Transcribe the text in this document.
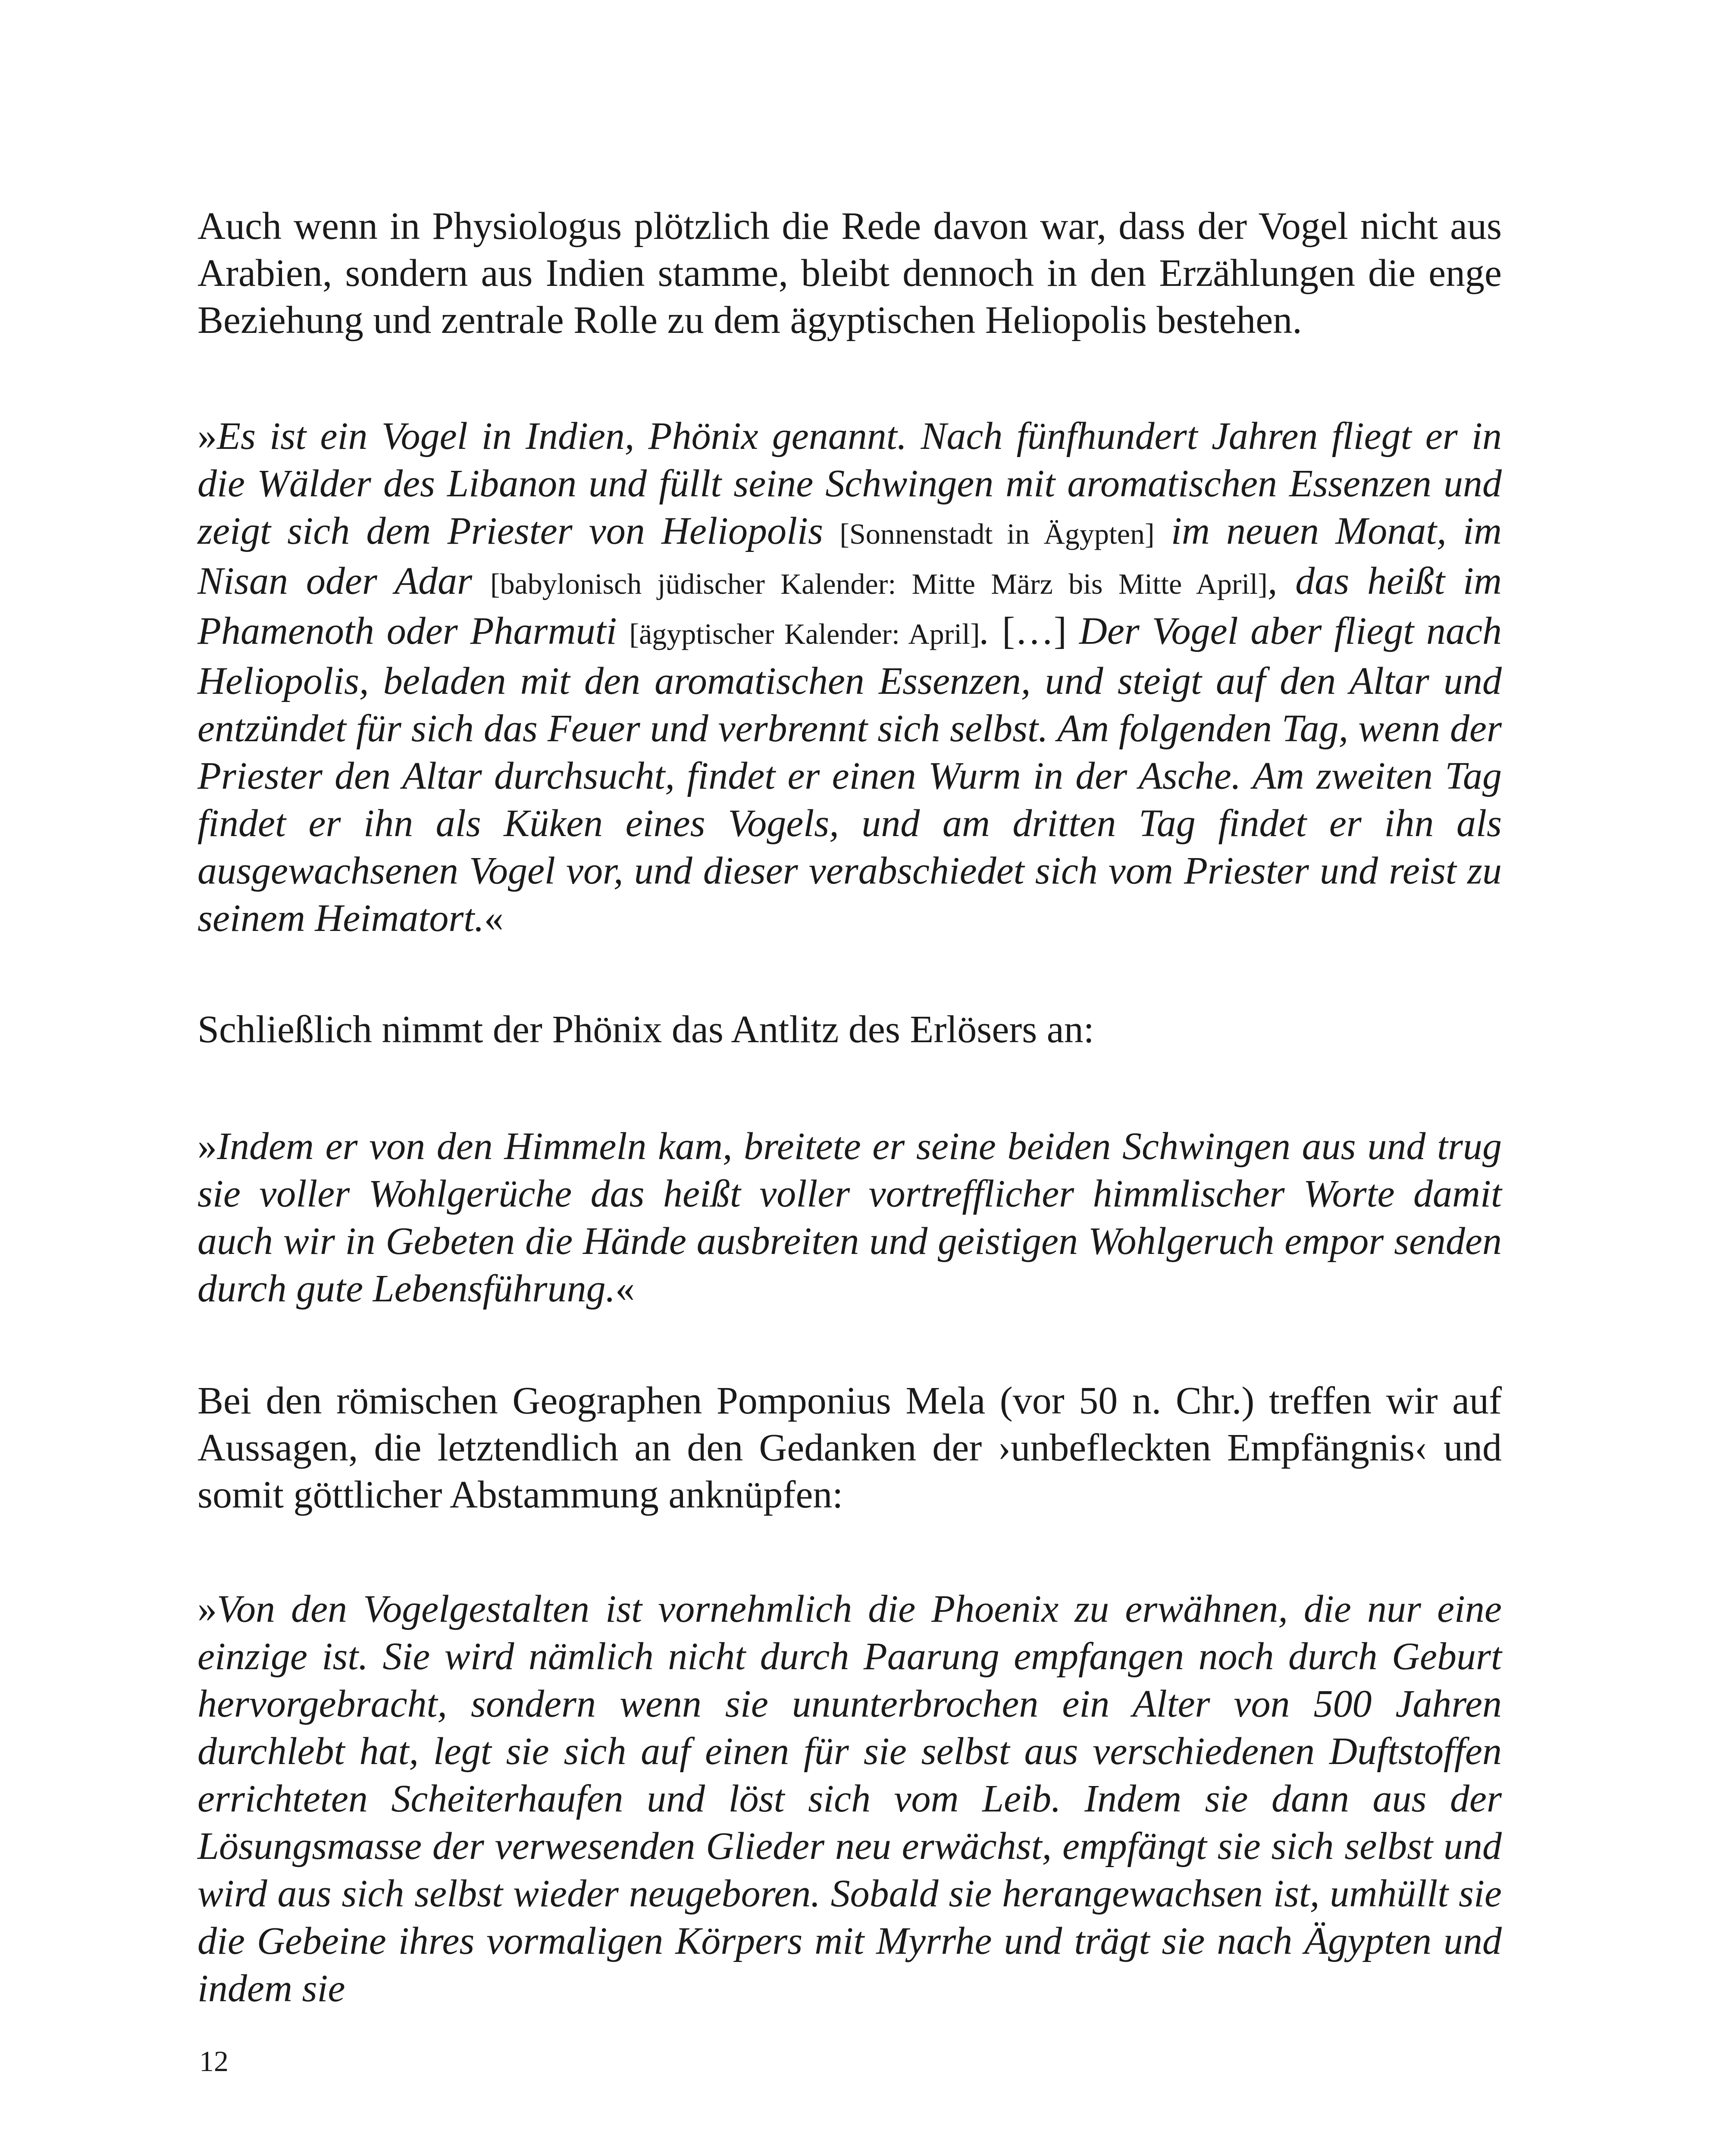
Auch wenn in Physiologus plötzlich die Rede davon war, dass der Vogel nicht aus Arabien, sondern aus Indien stamme, bleibt dennoch in den Erzählungen die enge Beziehung und zentrale Rolle zu dem ägyptischen Heliopolis bestehen.

»Es ist ein Vogel in Indien, Phönix genannt. Nach fünfhundert Jahren fliegt er in die Wälder des Libanon und füllt seine Schwingen mit aromatischen Essenzen und zeigt sich dem Priester von Heliopolis [Sonnenstadt in Ägypten] im neuen Monat, im Nisan oder Adar [babylonisch jüdischer Kalender: Mitte März bis Mitte April], das heißt im Phamenoth oder Pharmuti [ägyptischer Kalender: April]. […] Der Vogel aber fliegt nach Heliopolis, beladen mit den aromatischen Essenzen, und steigt auf den Altar und entzündet für sich das Feuer und verbrennt sich selbst. Am folgenden Tag, wenn der Priester den Altar durchsucht, findet er einen Wurm in der Asche. Am zweiten Tag findet er ihn als Küken eines Vogels, und am dritten Tag findet er ihn als ausgewachsenen Vogel vor, und dieser verabschiedet sich vom Priester und reist zu seinem Heimatort.«

Schließlich nimmt der Phönix das Antlitz des Erlösers an:

»Indem er von den Himmeln kam, breitete er seine beiden Schwingen aus und trug sie voller Wohlgerüche das heißt voller vortrefflicher himmlischer Worte damit auch wir in Gebeten die Hände ausbreiten und geistigen Wohlgeruch empor senden durch gute Lebensführung.«

Bei den römischen Geographen Pomponius Mela (vor 50 n. Chr.) treffen wir auf Aussagen, die letztendlich an den Gedanken der ›unbefleckten Empfängnis‹ und somit göttlicher Abstammung anknüpfen:

»Von den Vogelgestalten ist vornehmlich die Phoenix zu erwähnen, die nur eine einzige ist. Sie wird nämlich nicht durch Paarung empfangen noch durch Geburt hervorgebracht, sondern wenn sie ununterbrochen ein Alter von 500 Jahren durchlebt hat, legt sie sich auf einen für sie selbst aus verschiedenen Duftstoffen errichteten Scheiterhaufen und löst sich vom Leib. Indem sie dann aus der Lösungsmasse der verwesenden Glieder neu erwächst, empfängt sie sich selbst und wird aus sich selbst wieder neugeboren. Sobald sie herangewachsen ist, umhüllt sie die Gebeine ihres vormaligen Körpers mit Myrrhe und trägt sie nach Ägypten und indem sie

12
